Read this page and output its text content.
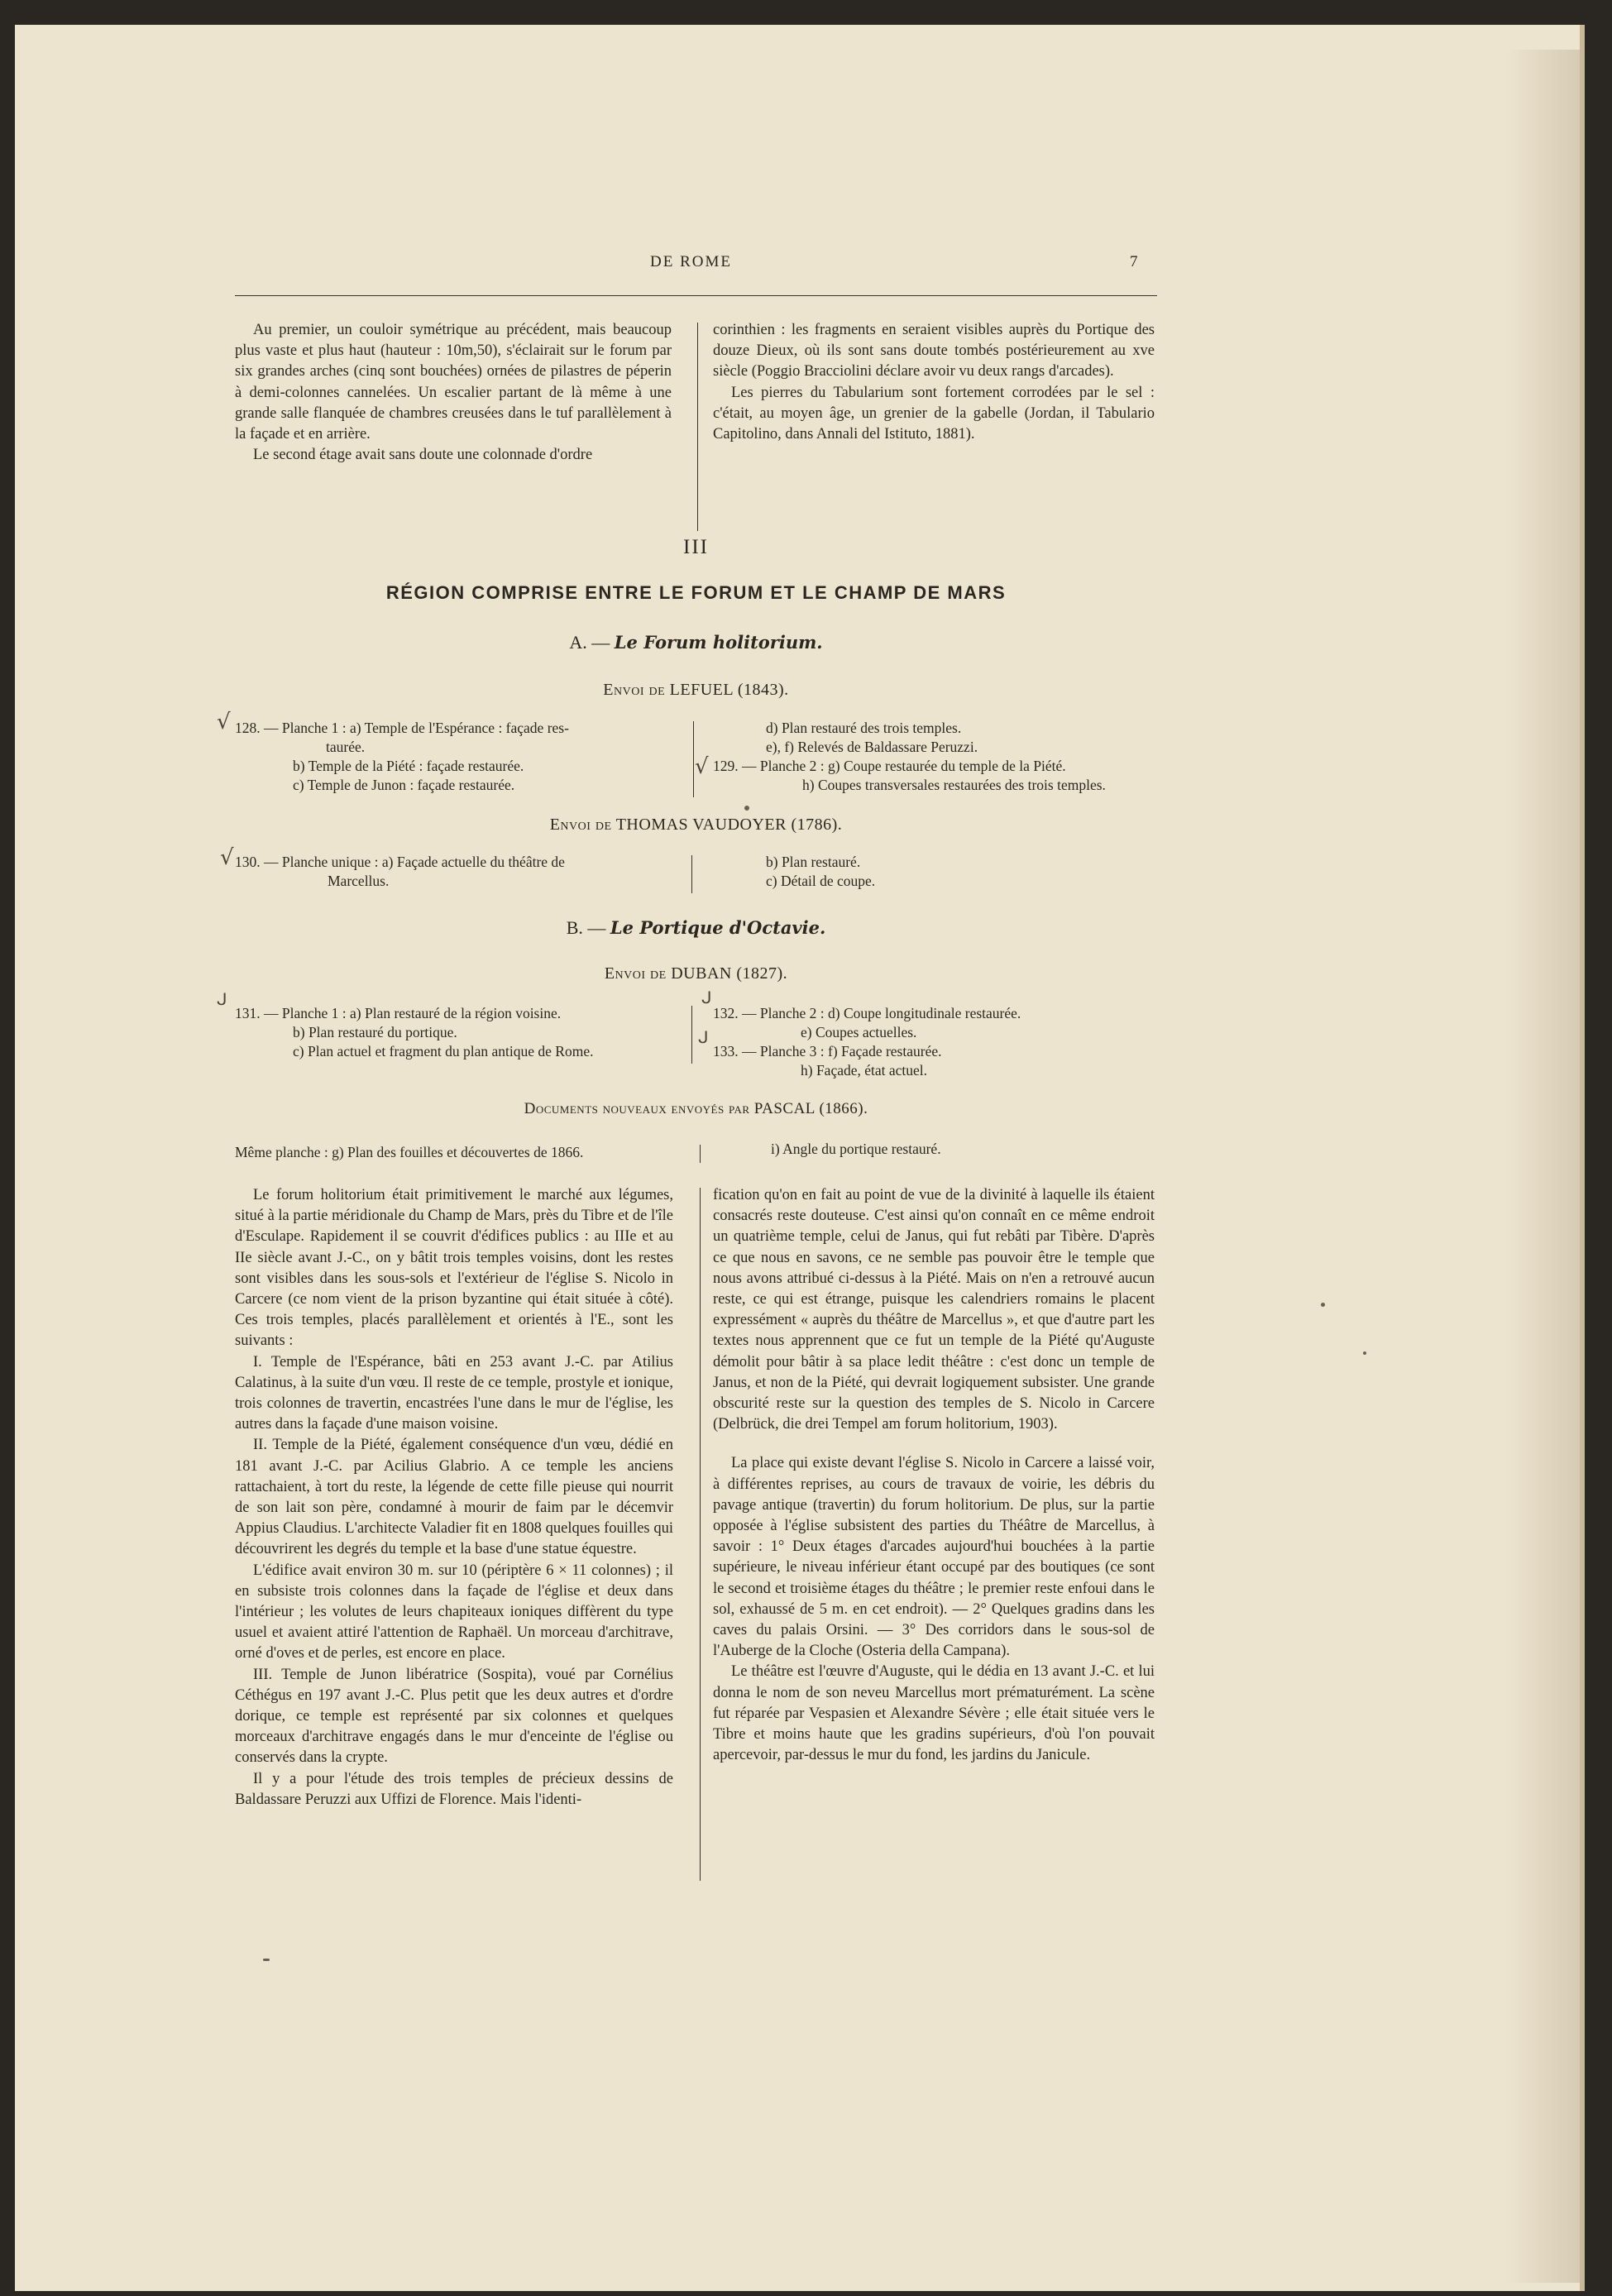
DE ROME	7

Au premier, un couloir symétrique au précédent, mais beaucoup plus vaste et plus haut (hauteur : 10m,50), s'éclairait sur le forum par six grandes arches (cinq sont bouchées) ornées de pilastres de péperin à demi-colonnes cannelées. Un escalier partant de là même à une grande salle flanquée de chambres creusées dans le tuf parallèlement à la façade et en arrière.

Le second étage avait sans doute une colonnade d'ordre

corinthien : les fragments en seraient visibles auprès du Portique des douze Dieux, où ils sont sans doute tombés postérieurement au xve siècle (Poggio Bracciolini déclare avoir vu deux rangs d'arcades).

Les pierres du Tabularium sont fortement corrodées par le sel : c'était, au moyen âge, un grenier de la gabelle (Jordan, il Tabulario Capitolino, dans Annali del Istituto, 1881).

III
RÉGION COMPRISE ENTRE LE FORUM ET LE CHAMP DE MARS
A. — Le Forum holitorium.
Envoi de LEFUEL (1843).
√ 128. — Planche 1 : a) Temple de l'Espérance : façade res-
taurée.
b) Temple de la Piété : façade restaurée.
c) Temple de Junon : façade restaurée.
√
d) Plan restauré des trois temples.
e), f) Relevés de Baldassare Peruzzi.
129. — Planche 2 : g) Coupe restaurée du temple de la Piété.
h) Coupes transversales restaurées des trois temples.
Envoi de THOMAS VAUDOYER (1786).
√ 130. — Planche unique : a) Façade actuelle du théâtre de
Marcellus.
b) Plan restauré.
c) Détail de coupe.
B. — Le Portique d'Octavie.
Envoi de DUBAN (1827).
ᒍ
131. — Planche 1 : a) Plan restauré de la région voisine.
b) Plan restauré du portique.
c) Plan actuel et fragment du plan antique de Rome.
ᒍ
ᒍ
132. — Planche 2 : d) Coupe longitudinale restaurée.
e) Coupes actuelles.
133. — Planche 3 : f) Façade restaurée.
h) Façade, état actuel.
Documents nouveaux envoyés par PASCAL (1866).
Même planche : g) Plan des fouilles et découvertes de 1866.	i) Angle du portique restauré.

Le forum holitorium était primitivement le marché aux légumes, situé à la partie méridionale du Champ de Mars, près du Tibre et de l'île d'Esculape. Rapidement il se couvrit d'édifices publics : au IIIe et au IIe siècle avant J.-C., on y bâtit trois temples voisins, dont les restes sont visibles dans les sous-sols et l'extérieur de l'église S. Nicolo in Carcere (ce nom vient de la prison byzantine qui était située à côté). Ces trois temples, placés parallèlement et orientés à l'E., sont les suivants :

I. Temple de l'Espérance, bâti en 253 avant J.-C. par Atilius Calatinus, à la suite d'un vœu. Il reste de ce temple, prostyle et ionique, trois colonnes de travertin, encastrées l'une dans le mur de l'église, les autres dans la façade d'une maison voisine.

II. Temple de la Piété, également conséquence d'un vœu, dédié en 181 avant J.-C. par Acilius Glabrio. A ce temple les anciens rattachaient, à tort du reste, la légende de cette fille pieuse qui nourrit de son lait son père, condamné à mourir de faim par le décemvir Appius Claudius. L'architecte Valadier fit en 1808 quelques fouilles qui découvrirent les degrés du temple et la base d'une statue équestre.

L'édifice avait environ 30 m. sur 10 (périptère 6 × 11 colonnes) ; il en subsiste trois colonnes dans la façade de l'église et deux dans l'intérieur ; les volutes de leurs chapiteaux ioniques diffèrent du type usuel et avaient attiré l'attention de Raphaël. Un morceau d'architrave, orné d'oves et de perles, est encore en place.

III. Temple de Junon libératrice (Sospita), voué par Cornélius Céthégus en 197 avant J.-C. Plus petit que les deux autres et d'ordre dorique, ce temple est représenté par six colonnes et quelques morceaux d'architrave engagés dans le mur d'enceinte de l'église ou conservés dans la crypte.

Il y a pour l'étude des trois temples de précieux dessins de Baldassare Peruzzi aux Uffizi de Florence. Mais l'identi-

fication qu'on en fait au point de vue de la divinité à laquelle ils étaient consacrés reste douteuse. C'est ainsi qu'on connaît en ce même endroit un quatrième temple, celui de Janus, qui fut rebâti par Tibère. D'après ce que nous en savons, ce ne semble pas pouvoir être le temple que nous avons attribué ci-dessus à la Piété. Mais on n'en a retrouvé aucun reste, ce qui est étrange, puisque les calendriers romains le placent expressément « auprès du théâtre de Marcellus », et que d'autre part les textes nous apprennent que ce fut un temple de la Piété qu'Auguste démolit pour bâtir à sa place ledit théâtre : c'est donc un temple de Janus, et non de la Piété, qui devrait logiquement subsister. Une grande obscurité reste sur la question des temples de S. Nicolo in Carcere (Delbrück, die drei Tempel am forum holitorium, 1903).

La place qui existe devant l'église S. Nicolo in Carcere a laissé voir, à différentes reprises, au cours de travaux de voirie, les débris du pavage antique (travertin) du forum holitorium. De plus, sur la partie opposée à l'église subsistent des parties du Théâtre de Marcellus, à savoir : 1° Deux étages d'arcades aujourd'hui bouchées à la partie supérieure, le niveau inférieur étant occupé par des boutiques (ce sont le second et troisième étages du théâtre ; le premier reste enfoui dans le sol, exhaussé de 5 m. en cet endroit). — 2° Quelques gradins dans les caves du palais Orsini. — 3° Des corridors dans le sous-sol de l'Auberge de la Cloche (Osteria della Campana).

Le théâtre est l'œuvre d'Auguste, qui le dédia en 13 avant J.-C. et lui donna le nom de son neveu Marcellus mort prématurément. La scène fut réparée par Vespasien et Alexandre Sévère ; elle était située vers le Tibre et moins haute que les gradins supérieurs, d'où l'on pouvait apercevoir, par-dessus le mur du fond, les jardins du Janicule.
